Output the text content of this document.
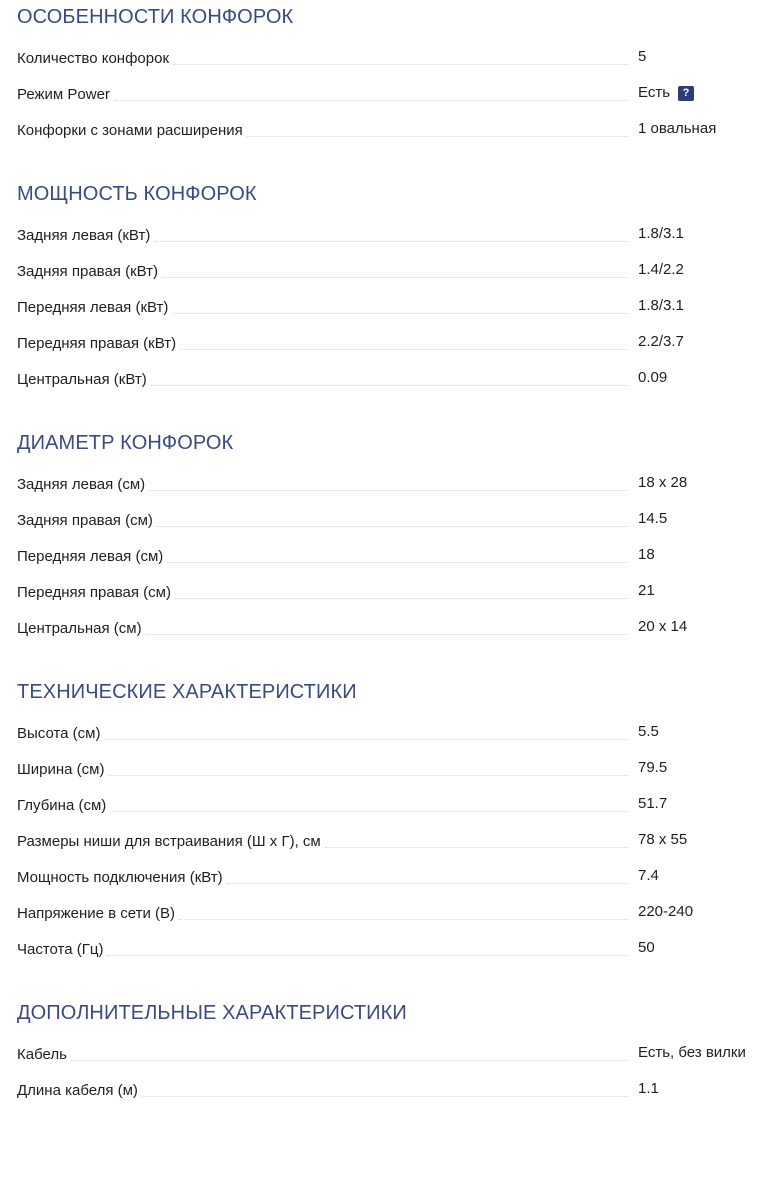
ОСОБЕННОСТИ КОНФОРОК
Количество конфорок	5
Режим Power	Есть	?
Конфорки с зонами расширения	1 овальная
МОЩНОСТЬ КОНФОРОК
Задняя левая (кВт)	1.8/3.1
Задняя правая (кВт)	1.4/2.2
Передняя левая (кВт)	1.8/3.1
Передняя правая (кВт)	2.2/3.7
Центральная (кВт)	0.09
ДИАМЕТР КОНФОРОК
Задняя левая (см)	18 x 28
Задняя правая (см)	14.5
Передняя левая (см)	18
Передняя правая (см)	21
Центральная (см)	20 x 14
ТЕХНИЧЕСКИЕ ХАРАКТЕРИСТИКИ
Высота (см)	5.5
Ширина (см)	79.5
Глубина (см)	51.7
Размеры ниши для встраивания (Ш х Г), см	78 x 55
Мощность подключения (кВт)	7.4
Напряжение в сети (В)	220-240
Частота (Гц)	50
ДОПОЛНИТЕЛЬНЫЕ ХАРАКТЕРИСТИКИ
Кабель	Есть, без вилки
Длина кабеля (м)	1.1
